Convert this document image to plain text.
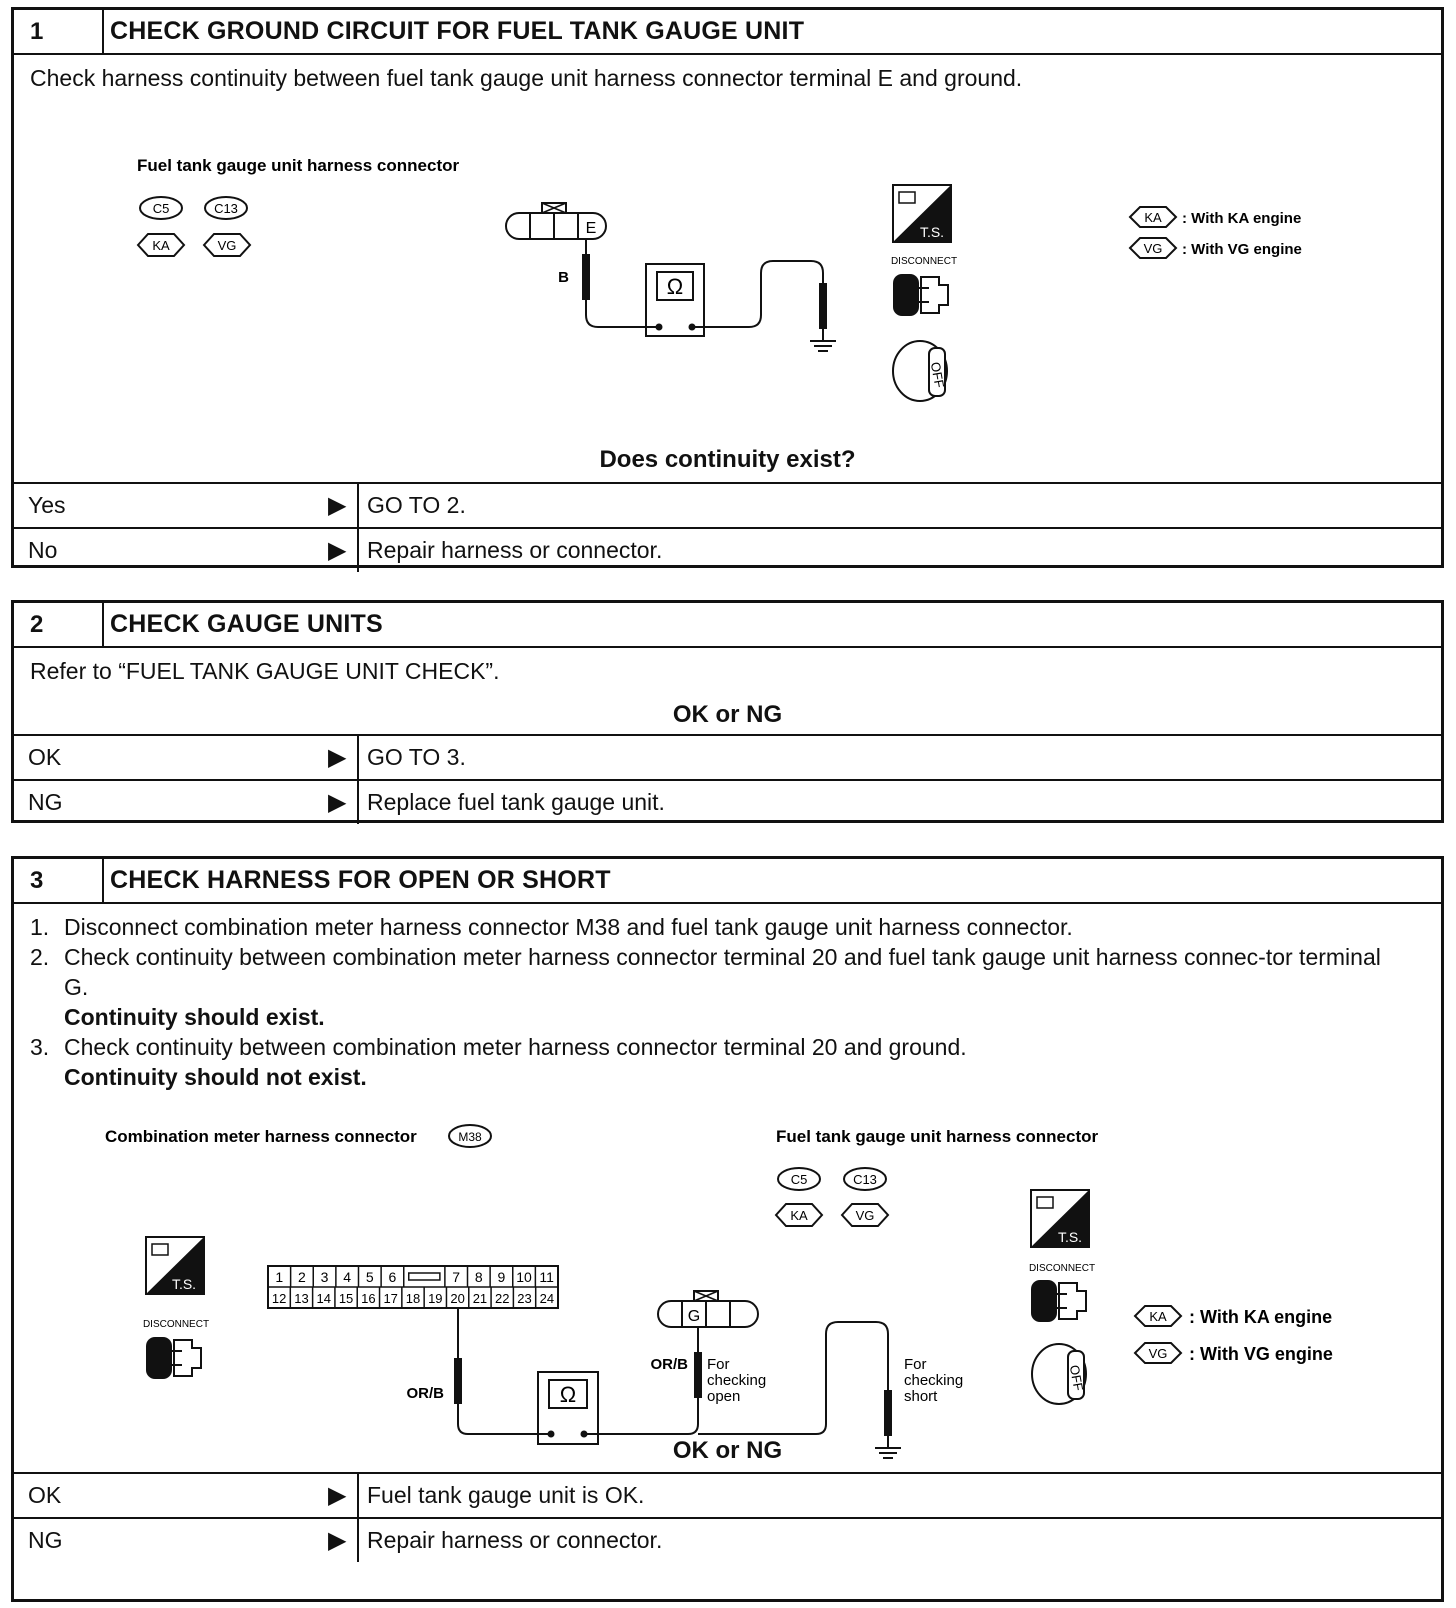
1	CHECK GROUND CIRCUIT FOR FUEL TANK GAUGE UNIT
Check harness continuity between fuel tank gauge unit harness connector terminal E and ground.
Fuel tank gauge unit harness connector
C5	C13
KA	VG
E
B	Ω
T.S.
DISCONNECT
OFF
KA : With KA engine
VG : With VG engine
Does continuity exist?
Yes	▶ GO TO 2.
No	▶ Repair harness or connector.
2	CHECK GAUGE UNITS
Refer to “FUEL TANK GAUGE UNIT CHECK”.
OK or NG
OK	▶ GO TO 3.
NG	▶ Replace fuel tank gauge unit.
3	CHECK HARNESS FOR OPEN OR SHORT
1. Disconnect combination meter harness connector M38 and fuel tank gauge unit harness connector.
2. Check continuity between combination meter harness connector terminal 20 and fuel tank gauge unit harness connec-tor terminal G.
Continuity should exist.
3. Check continuity between combination meter harness connector terminal 20 and ground.
Continuity should not exist.
Combination meter harness connector	M38	Fuel tank gauge unit harness connector
C5	C13
KA	VG
T.S.
DISCONNECT
1 2 3 4 5 6	7 8 9 10 11
12 13 14 15 16 17 18 19 20 21 22 23 24
OR/B	Ω
G
OR/B For
checking
open
For
checking
short
T.S.
DISCONNECT
OFF
KA : With KA engine
VG : With VG engine
OK or NG
OK	▶ Fuel tank gauge unit is OK.
NG	▶ Repair harness or connector.
